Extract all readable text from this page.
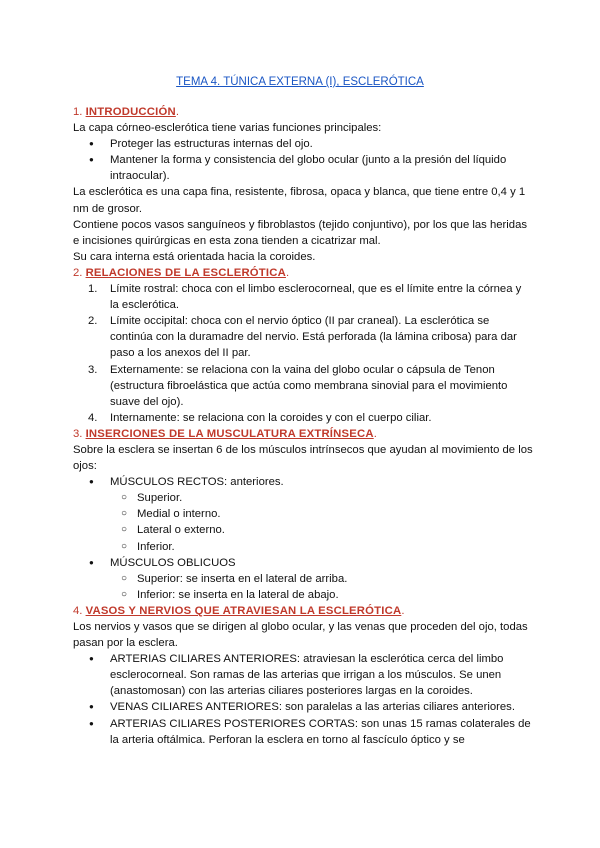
TEMA 4. TÚNICA EXTERNA (I), ESCLERÓTICA

1. INTRODUCCIÓN.

La capa córneo-esclerótica tiene varias funciones principales:

● Proteger las estructuras internas del ojo.
● Mantener la forma y consistencia del globo ocular (junto a la presión del líquido intraocular).

La esclerótica es una capa fina, resistente, fibrosa, opaca y blanca, que tiene entre 0,4 y 1 nm de grosor.

Contiene pocos vasos sanguíneos y fibroblastos (tejido conjuntivo), por los que las heridas e incisiones quirúrgicas en esta zona tienden a cicatrizar mal.

Su cara interna está orientada hacia la coroides.

2. RELACIONES DE LA ESCLERÓTICA.

1. Límite rostral: choca con el limbo esclerocorneal, que es el límite entre la córnea y la esclerótica.
2. Límite occipital: choca con el nervio óptico (II par craneal). La esclerótica se continúa con la duramadre del nervio. Está perforada (la lámina cribosa) para dar paso a los anexos del II par.
3. Externamente: se relaciona con la vaina del globo ocular o cápsula de Tenon (estructura fibroelástica que actúa como membrana sinovial para el movimiento suave del ojo).
4. Internamente: se relaciona con la coroides y con el cuerpo ciliar.

3. INSERCIONES DE LA MUSCULATURA EXTRÍNSECA.

Sobre la esclera se insertan 6 de los músculos intrínsecos que ayudan al movimiento de los ojos:

● MÚSCULOS RECTOS: anteriores.
○ Superior.
○ Medial o interno.
○ Lateral o externo.
○ Inferior.
● MÚSCULOS OBLICUOS
○ Superior: se inserta en el lateral de arriba.
○ Inferior: se inserta en la lateral de abajo.

4. VASOS Y NERVIOS QUE ATRAVIESAN LA ESCLERÓTICA.

Los nervios y vasos que se dirigen al globo ocular, y las venas que proceden del ojo, todas pasan por la esclera.

● ARTERIAS CILIARES ANTERIORES: atraviesan la esclerótica cerca del limbo esclerocorneal. Son ramas de las arterias que irrigan a los músculos. Se unen (anastomosan) con las arterias ciliares posteriores largas en la coroides.
● VENAS CILIARES ANTERIORES: son paralelas a las arterias ciliares anteriores.
● ARTERIAS CILIARES POSTERIORES CORTAS: son unas 15 ramas colaterales de la arteria oftálmica. Perforan la esclera en torno al fascículo óptico y se
